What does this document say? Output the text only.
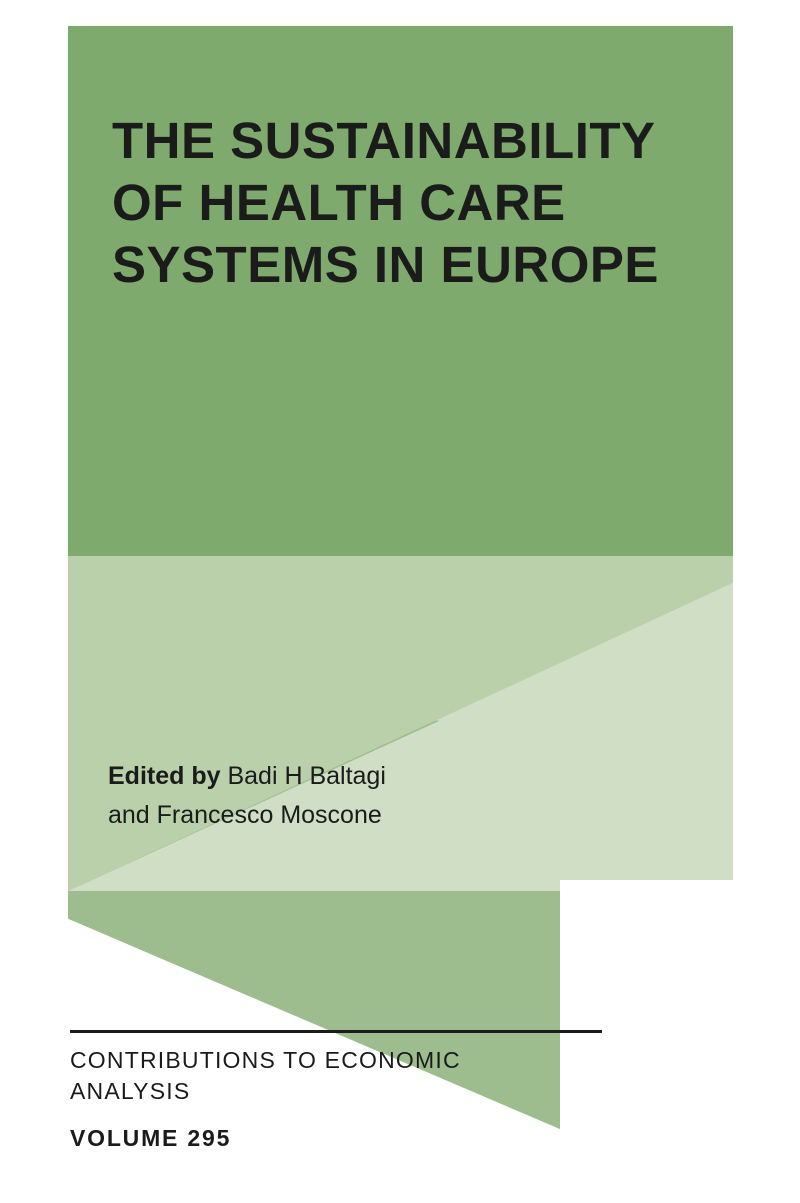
THE SUSTAINABILITY
OF HEALTH CARE
SYSTEMS IN EUROPE
Edited by Badi H Baltagi
and Francesco Moscone
CONTRIBUTIONS TO ECONOMIC
ANALYSIS
VOLUME 295
